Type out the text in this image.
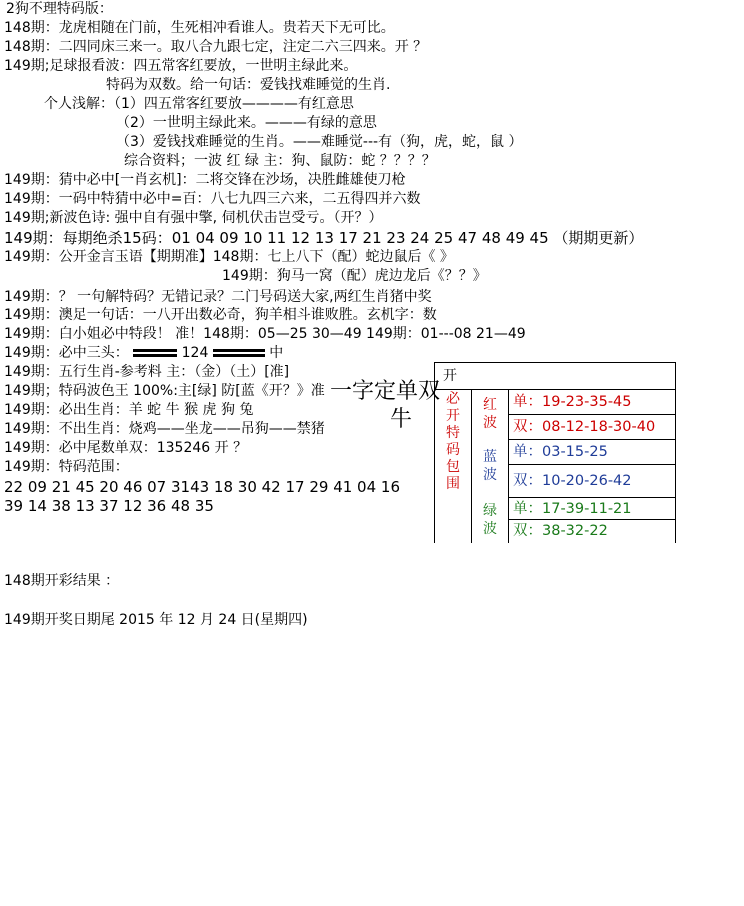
2狗不理特码版：
148期：龙虎相随在门前，生死相冲看谁人。贵若天下无可比。
148期：二四同床三来一。取八合九跟七定，注定二六三四来。开 ？
149期;足球报看波：四五常客红要放，一世明主绿此来。
特码为双数。给一句话：爱钱找难睡觉的生肖.
个人浅解：（1）四五常客红要放————有红意思
（2）一世明主绿此来。———有绿的意思
（3）爱钱找难睡觉的生肖。——难睡觉---有（狗，虎，蛇，鼠 ）
综合资料；一波 红 绿 主：狗、鼠防：蛇 ？？？？
149期：猜中必中[一肖玄机]：二将交锋在沙场，决胜雌雄使刀枪
149期：一码中特猜中必中=百：八七九四三六来，二五得四并六数
149期;新波色诗: 强中自有强中擎, 伺机伏击岂受亏。（开？）
149期：每期绝杀15码：01 04 09 10 11 12 13 17 21 23 24 25 47 48 49 45 （期期更新）
149期：公开金言玉语【期期准】148期：七上八下（配）蛇边鼠后《 》
149期：狗马一窝（配）虎边龙后《？？》
149期：？ 一句解特码？无错记录？二门号码送大家,两红生肖猪中奖
149期：澳足一句话：一八开出数必奇，狗羊相斗谁败胜。玄机字：数
149期：白小姐必中特段！ 准！148期：05—25 30—49 149期：01---08 21—49
149期：必中三头：	124	中
149期：五行生肖-参考料 主：（金）（土）[准]
149期；特码波色王 100%:主[绿] 防[蓝《开？》准
149期：必出生肖：羊 蛇 牛 猴 虎 狗 兔
149期：不出生肖：烧鸡——坐龙——吊狗——禁猪
149期：必中尾数单双：135246 开 ？
149期：特码范围：
22 09 21 45 20 46 07 3143 18 30 42 17 29 41 04 16
39 14 38 13 37 12 36 48 35
一字定单双
牛
开
必
开
特
码
包
围
红
波
蓝
波
绿
波
单：19-23-35-45
双：08-12-18-30-40
单：03-15-25
双：10-20-26-42
单：17-39-11-21
双：38-32-22
148期开彩结果 ：
149期开奖日期尾 2015 年 12 月 24 日(星期四)
